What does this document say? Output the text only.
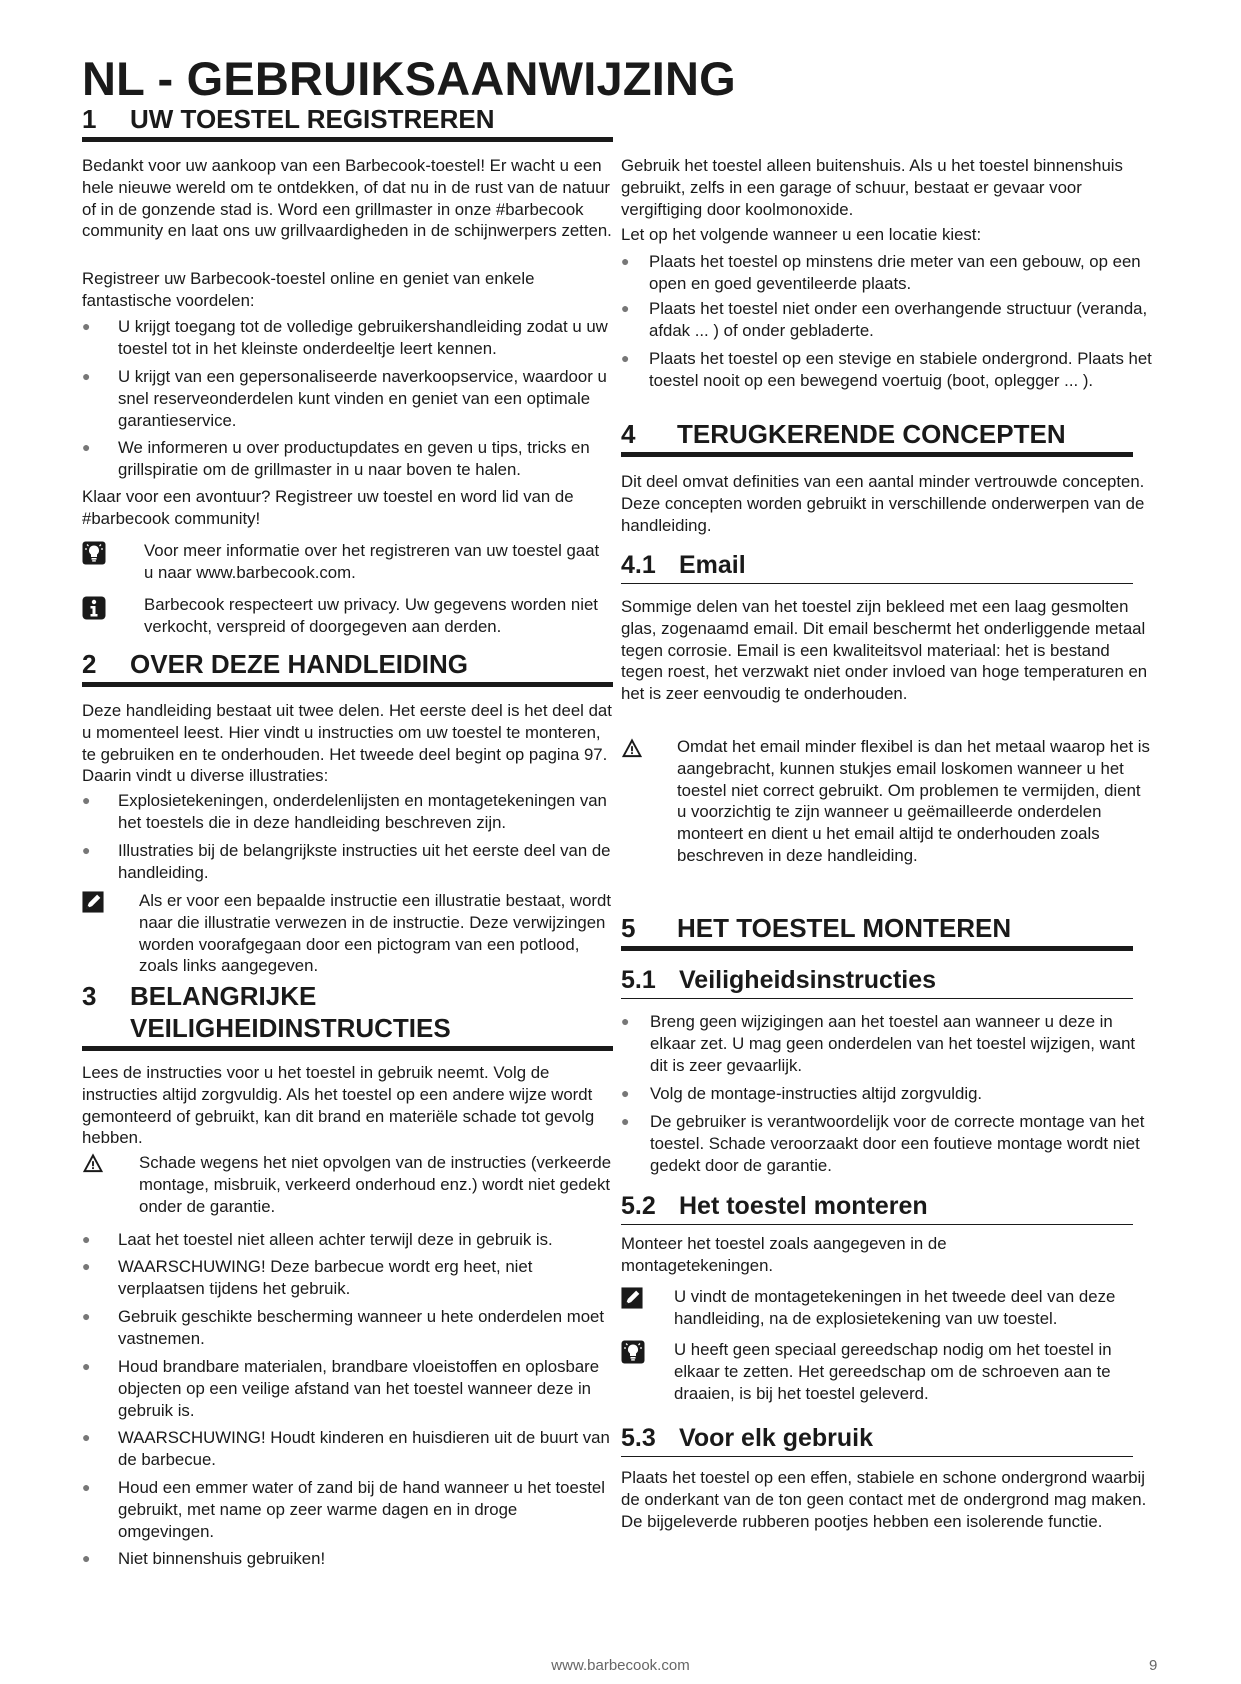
NL - GEBRUIKSAANWIJZING
1 UW TOESTEL REGISTREREN
Bedankt voor uw aankoop van een Barbecook-toestel! Er wacht u een hele nieuwe wereld om te ontdekken, of dat nu in de rust van de natuur of in de gonzende stad is. Word een grillmaster in onze #barbecook community en laat ons uw grillvaardigheden in de schijnwerpers zetten.
Registreer uw Barbecook-toestel online en geniet van enkele fantastische voordelen:
● U krijgt toegang tot de volledige gebruikershandleiding zodat u uw toestel tot in het kleinste onderdeeltje leert kennen.
● U krijgt van een gepersonaliseerde naverkoopservice, waardoor u snel reserveonderdelen kunt vinden en geniet van een optimale garantieservice.
● We informeren u over productupdates en geven u tips, tricks en grillspiratie om de grillmaster in u naar boven te halen.
Klaar voor een avontuur? Registreer uw toestel en word lid van de #barbecook community!
Voor meer informatie over het registreren van uw toestel gaat u naar www.barbecook.com.
Barbecook respecteert uw privacy. Uw gegevens worden niet verkocht, verspreid of doorgegeven aan derden.
2 OVER DEZE HANDLEIDING
Deze handleiding bestaat uit twee delen. Het eerste deel is het deel dat u momenteel leest. Hier vindt u instructies om uw toestel te monteren, te gebruiken en te onderhouden. Het tweede deel begint op pagina 97. Daarin vindt u diverse illustraties:
● Explosietekeningen, onderdelenlijsten en montagetekeningen van het toestels die in deze handleiding beschreven zijn.
● Illustraties bij de belangrijkste instructies uit het eerste deel van de handleiding.
Als er voor een bepaalde instructie een illustratie bestaat, wordt naar die illustratie verwezen in de instructie. Deze verwijzingen worden voorafgegaan door een pictogram van een potlood, zoals links aangegeven.
3 BELANGRIJKE
VEILIGHEIDINSTRUCTIES
Lees de instructies voor u het toestel in gebruik neemt. Volg de instructies altijd zorgvuldig. Als het toestel op een andere wijze wordt gemonteerd of gebruikt, kan dit brand en materiële schade tot gevolg hebben.
Schade wegens het niet opvolgen van de instructies (verkeerde montage, misbruik, verkeerd onderhoud enz.) wordt niet gedekt onder de garantie.
● Laat het toestel niet alleen achter terwijl deze in gebruik is.
● WAARSCHUWING! Deze barbecue wordt erg heet, niet verplaatsen tijdens het gebruik.
● Gebruik geschikte bescherming wanneer u hete onderdelen moet vastnemen.
● Houd brandbare materialen, brandbare vloeistoffen en oplosbare objecten op een veilige afstand van het toestel wanneer deze in gebruik is.
● WAARSCHUWING! Houdt kinderen en huisdieren uit de buurt van de barbecue.
● Houd een emmer water of zand bij de hand wanneer u het toestel gebruikt, met name op zeer warme dagen en in droge omgevingen.
● Niet binnenshuis gebruiken!
Gebruik het toestel alleen buitenshuis. Als u het toestel binnenshuis gebruikt, zelfs in een garage of schuur, bestaat er gevaar voor vergiftiging door koolmonoxide.
Let op het volgende wanneer u een locatie kiest:
● Plaats het toestel op minstens drie meter van een gebouw, op een open en goed geventileerde plaats.
● Plaats het toestel niet onder een overhangende structuur (veranda, afdak ... ) of onder gebladerte.
● Plaats het toestel op een stevige en stabiele ondergrond. Plaats het toestel nooit op een bewegend voertuig (boot, oplegger ... ).
4 TERUGKERENDE CONCEPTEN
Dit deel omvat definities van een aantal minder vertrouwde concepten. Deze concepten worden gebruikt in verschillende onderwerpen van de handleiding.
4.1 Email
Sommige delen van het toestel zijn bekleed met een laag gesmolten glas, zogenaamd email. Dit email beschermt het onderliggende metaal tegen corrosie. Email is een kwaliteitsvol materiaal: het is bestand tegen roest, het verzwakt niet onder invloed van hoge temperaturen en het is zeer eenvoudig te onderhouden.
Omdat het email minder flexibel is dan het metaal waarop het is aangebracht, kunnen stukjes email loskomen wanneer u het toestel niet correct gebruikt. Om problemen te vermijden, dient u voorzichtig te zijn wanneer u geëmailleerde onderdelen monteert en dient u het email altijd te onderhouden zoals beschreven in deze handleiding.
5 HET TOESTEL MONTEREN
5.1 Veiligheidsinstructies
● Breng geen wijzigingen aan het toestel aan wanneer u deze in elkaar zet. U mag geen onderdelen van het toestel wijzigen, want dit is zeer gevaarlijk.
● Volg de montage-instructies altijd zorgvuldig.
● De gebruiker is verantwoordelijk voor de correcte montage van het toestel. Schade veroorzaakt door een foutieve montage wordt niet gedekt door de garantie.
5.2 Het toestel monteren
Monteer het toestel zoals aangegeven in de montagetekeningen.
U vindt de montagetekeningen in het tweede deel van deze handleiding, na de explosietekening van uw toestel.
U heeft geen speciaal gereedschap nodig om het toestel in elkaar te zetten. Het gereedschap om de schroeven aan te draaien, is bij het toestel geleverd.
5.3 Voor elk gebruik
Plaats het toestel op een effen, stabiele en schone ondergrond waarbij de onderkant van de ton geen contact met de ondergrond mag maken. De bijgeleverde rubberen pootjes hebben een isolerende functie.
www.barbecook.com	9
